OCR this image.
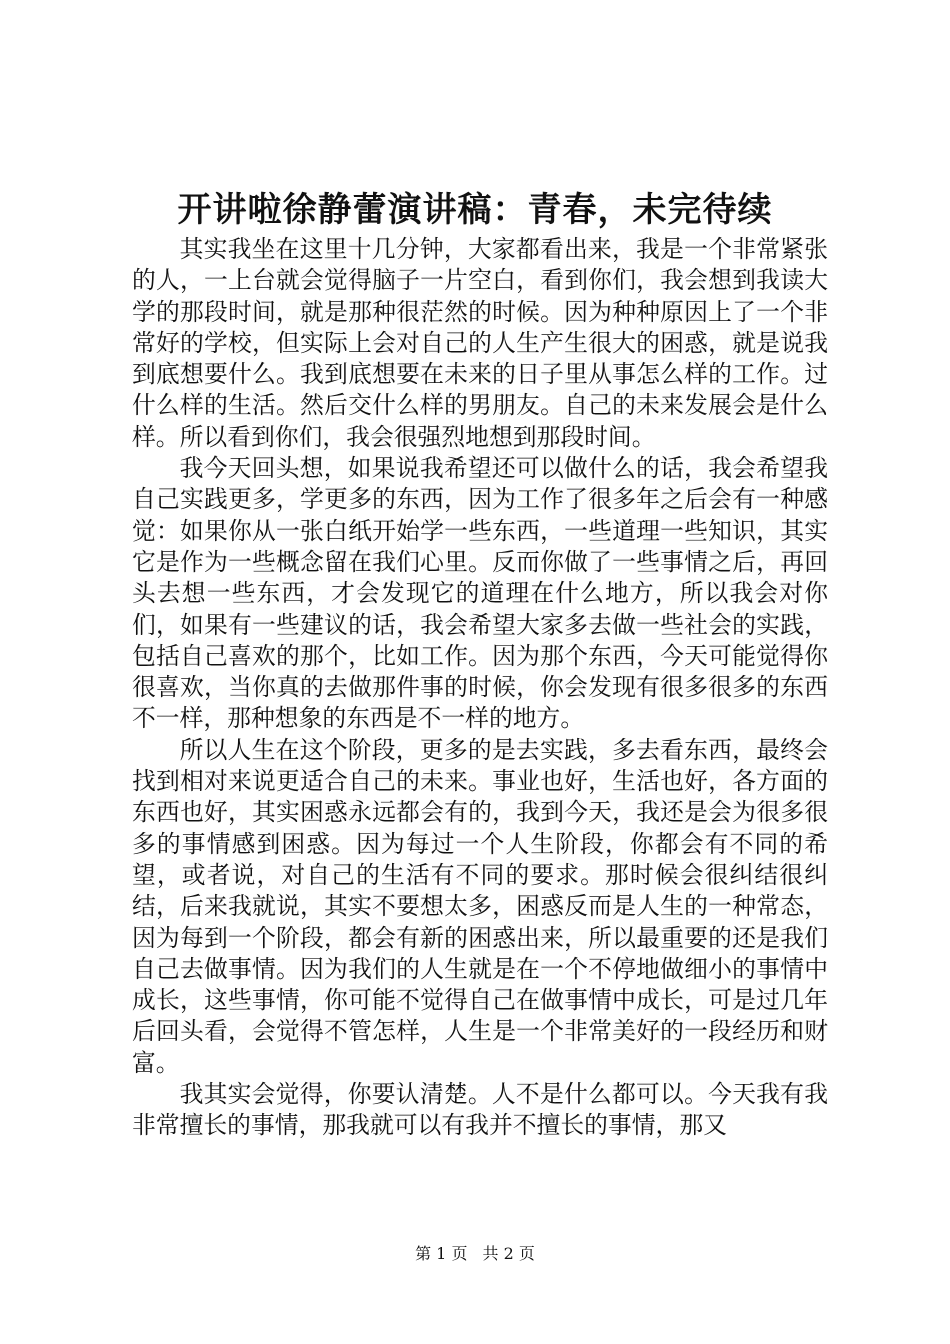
开讲啦徐静蕾演讲稿：青春，未完待续

其实我坐在这里十几分钟，大家都看出来，我是一个非常紧张的人，一上台就会觉得脑子一片空白，看到你们，我会想到我读大学的那段时间，就是那种很茫然的时候。因为种种原因上了一个非常好的学校，但实际上会对自己的人生产生很大的困惑，就是说我到底想要什么。我到底想要在未来的日子里从事怎么样的工作。过什么样的生活。然后交什么样的男朋友。自己的未来发展会是什么样。所以看到你们，我会很强烈地想到那段时间。

我今天回头想，如果说我希望还可以做什么的话，我会希望我自己实践更多，学更多的东西，因为工作了很多年之后会有一种感觉：如果你从一张白纸开始学一些东西，一些道理一些知识，其实它是作为一些概念留在我们心里。反而你做了一些事情之后，再回头去想一些东西，才会发现它的道理在什么地方，所以我会对你们，如果有一些建议的话，我会希望大家多去做一些社会的实践，包括自己喜欢的那个，比如工作。因为那个东西，今天可能觉得你很喜欢，当你真的去做那件事的时候，你会发现有很多很多的东西不一样，那种想象的东西是不一样的地方。

所以人生在这个阶段，更多的是去实践，多去看东西，最终会找到相对来说更适合自己的未来。事业也好，生活也好，各方面的东西也好，其实困惑永远都会有的，我到今天，我还是会为很多很多的事情感到困惑。因为每过一个人生阶段，你都会有不同的希望，或者说，对自己的生活有不同的要求。那时候会很纠结很纠结，后来我就说，其实不要想太多，困惑反而是人生的一种常态，因为每到一个阶段，都会有新的困惑出来，所以最重要的还是我们自己去做事情。因为我们的人生就是在一个不停地做细小的事情中成长，这些事情，你可能不觉得自己在做事情中成长，可是过几年后回头看，会觉得不管怎样，人生是一个非常美好的一段经历和财富。

我其实会觉得，你要认清楚。人不是什么都可以。今天我有我非常擅长的事情，那我就可以有我并不擅长的事情，那又

第 1 页 共 2 页
